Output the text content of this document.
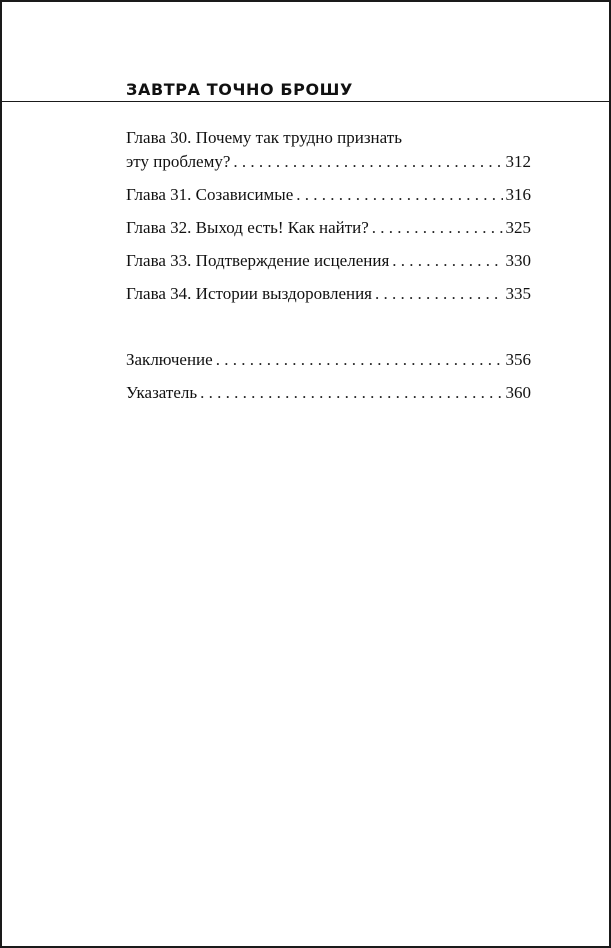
ЗАВТРА ТОЧНО БРОШУ
Глава 30. Почему так трудно признать
эту проблему? . . .	312
Глава 31. Созависимые . . .	316
Глава 32. Выход есть! Как найти? . . .	325
Глава 33. Подтверждение исцеления . . .	330
Глава 34. Истории выздоровления . . .	335
Заключение . . .	356
Указатель . . .	360
